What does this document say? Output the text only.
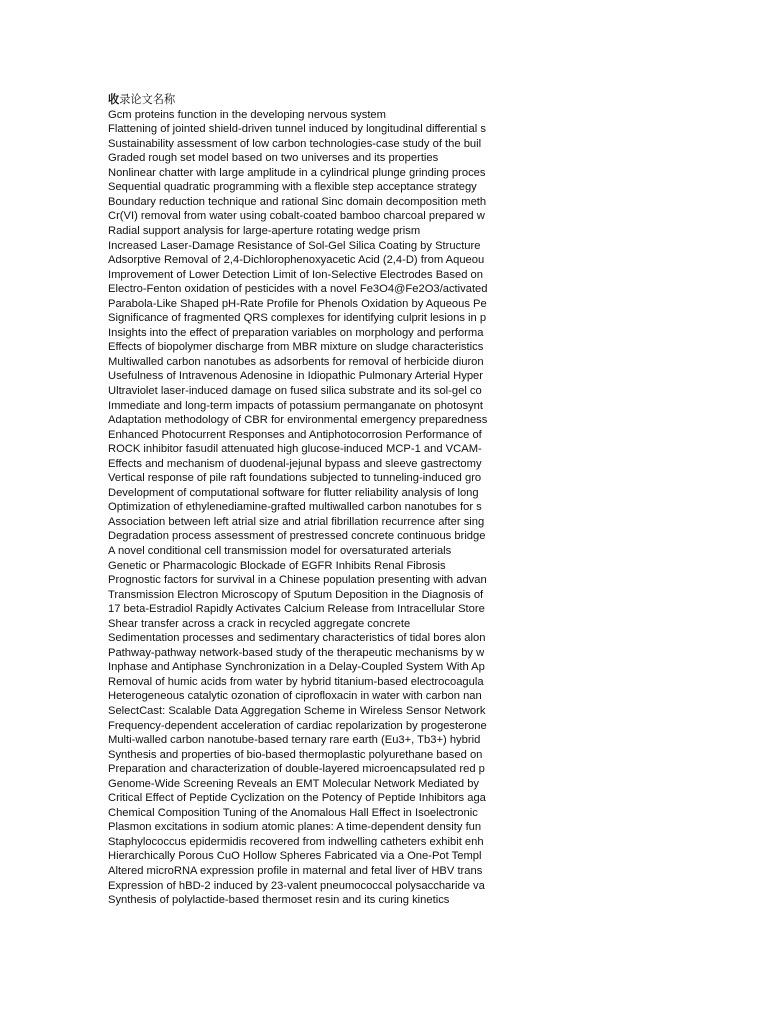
收录论文名称
Gcm proteins function in the developing nervous system
Flattening of jointed shield-driven tunnel induced by longitudinal differential s
Sustainability assessment of low carbon technologies-case study of the buil
Graded rough set model based on two universes and its properties
Nonlinear chatter with large amplitude in a cylindrical plunge grinding proces
Sequential quadratic programming with a flexible step acceptance strategy
Boundary reduction technique and rational Sinc domain decomposition meth
Cr(VI) removal from water using cobalt-coated bamboo charcoal prepared w
Radial support analysis for large-aperture rotating wedge prism
Increased Laser-Damage Resistance of Sol-Gel Silica Coating by Structure
Adsorptive Removal of 2,4-Dichlorophenoxyacetic Acid (2,4-D) from Aqueou
Improvement of Lower Detection Limit of Ion-Selective Electrodes Based on
Electro-Fenton oxidation of pesticides with a novel Fe3O4@Fe2O3/activated
Parabola-Like Shaped pH-Rate Profile for Phenols Oxidation by Aqueous Pe
Significance of fragmented QRS complexes for identifying culprit lesions in p
Insights into the effect of preparation variables on morphology and performa
Effects of biopolymer discharge from MBR mixture on sludge characteristics
Multiwalled carbon nanotubes as adsorbents for removal of herbicide diuron
Usefulness of Intravenous Adenosine in Idiopathic Pulmonary Arterial Hyper
Ultraviolet laser-induced damage on fused silica substrate and its sol-gel co
Immediate and long-term impacts of potassium permanganate on photosynt
Adaptation methodology of CBR for environmental emergency preparedness
Enhanced Photocurrent Responses and Antiphotocorrosion Performance of
ROCK inhibitor fasudil attenuated high glucose-induced MCP-1 and VCAM-
Effects and mechanism of duodenal-jejunal bypass and sleeve gastrectomy
Vertical response of pile raft foundations subjected to tunneling-induced gro
Development of computational software for flutter reliability analysis of long
Optimization of ethylenediamine-grafted multiwalled carbon nanotubes for s
Association between left atrial size and atrial fibrillation recurrence after sing
Degradation process assessment of prestressed concrete continuous bridge
A novel conditional cell transmission model for oversaturated arterials
Genetic or Pharmacologic Blockade of EGFR Inhibits Renal Fibrosis
Prognostic factors for survival in a Chinese population presenting with advan
Transmission Electron Microscopy of Sputum Deposition in the Diagnosis of
17 beta-Estradiol Rapidly Activates Calcium Release from Intracellular Store
Shear transfer across a crack in recycled aggregate concrete
Sedimentation processes and sedimentary characteristics of tidal bores alon
Pathway-pathway network-based study of the therapeutic mechanisms by w
Inphase and Antiphase Synchronization in a Delay-Coupled System With Ap
Removal of humic acids from water by hybrid titanium-based electrocoagula
Heterogeneous catalytic ozonation of ciprofloxacin in water with carbon nan
SelectCast: Scalable Data Aggregation Scheme in Wireless Sensor Network
Frequency-dependent acceleration of cardiac repolarization by progesterone
Multi-walled carbon nanotube-based ternary rare earth (Eu3+, Tb3+) hybrid
Synthesis and properties of bio-based thermoplastic polyurethane based on
Preparation and characterization of double-layered microencapsulated red p
Genome-Wide Screening Reveals an EMT Molecular Network Mediated by
Critical Effect of Peptide Cyclization on the Potency of Peptide Inhibitors aga
Chemical Composition Tuning of the Anomalous Hall Effect in Isoelectronic
Plasmon excitations in sodium atomic planes: A time-dependent density fun
Staphylococcus epidermidis recovered from indwelling catheters exhibit enh
Hierarchically Porous CuO Hollow Spheres Fabricated via a One-Pot Templ
Altered microRNA expression profile in maternal and fetal liver of HBV trans
Expression of hBD-2 induced by 23-valent pneumococcal polysaccharide va
Synthesis of polylactide-based thermoset resin and its curing kinetics
